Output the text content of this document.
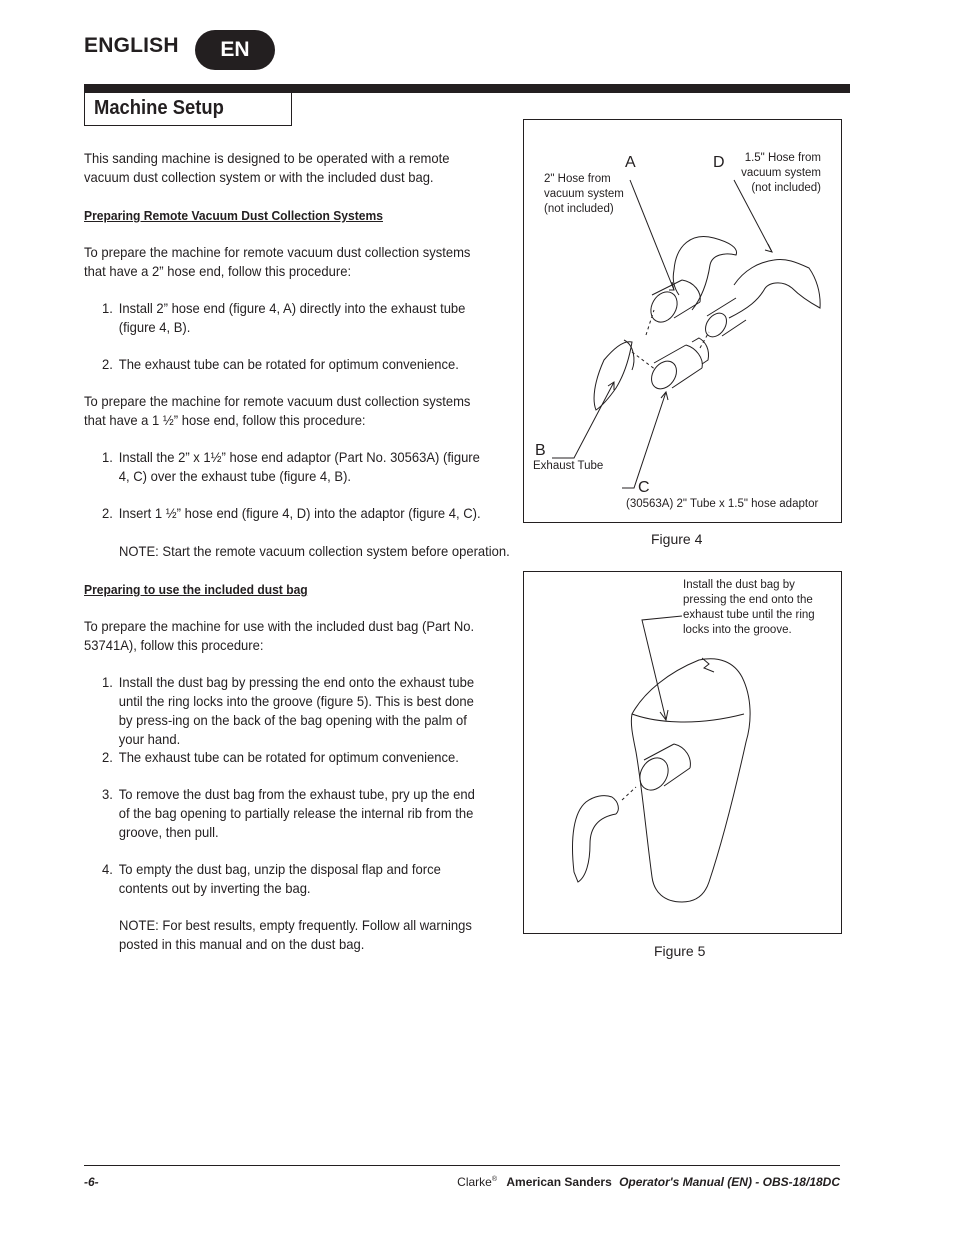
ENGLISH	EN
Machine Setup

This sanding machine is designed to be operated with a remote vacuum dust collection system or with the included dust bag.

Preparing Remote Vacuum Dust Collection Systems

To prepare the machine for remote vacuum dust collection systems that have a 2” hose end, follow this procedure:

1. Install 2” hose end (figure 4, A) directly into the exhaust tube (figure 4, B).

2. The exhaust tube can be rotated for optimum convenience.

To prepare the machine for remote vacuum dust collection systems that have a 1 ½” hose end, follow this procedure:

1. Install the 2” x 1½” hose end adaptor (Part No. 30563A) (figure 4, C) over the exhaust tube (figure 4, B).

2. Insert 1 ½” hose end (figure 4, D) into the adaptor (figure 4, C).

NOTE: Start the remote vacuum collection system before operation.

Preparing to use the included dust bag

To prepare the machine for use with the included dust bag (Part No. 53741A), follow this procedure:

1. Install the dust bag by pressing the end onto the exhaust tube until the ring locks into the groove (figure 5). This is best done by press-ing on the back of the bag opening with the palm of your hand.

2. The exhaust tube can be rotated for optimum convenience.

3. To remove the dust bag from the exhaust tube, pry up the end of the bag opening to partially release the internal rib from the groove, then pull.

4. To empty the dust bag, unzip the disposal flap and force contents out by inverting the bag.

NOTE: For best results, empty frequently. Follow all warnings posted in this manual and on the dust bag.

A
2" Hose from
vacuum system
(not included)
D	1.5" Hose from
vacuum system
(not included)
B
Exhaust Tube
C
(30563A) 2" Tube x 1.5" hose adaptor
Figure 4
Install the dust bag by
pressing the end onto the
exhaust tube until the ring
locks into the groove.
Figure 5
-6-	Clarke® American Sanders Operator's Manual (EN) - OBS-18/18DC
